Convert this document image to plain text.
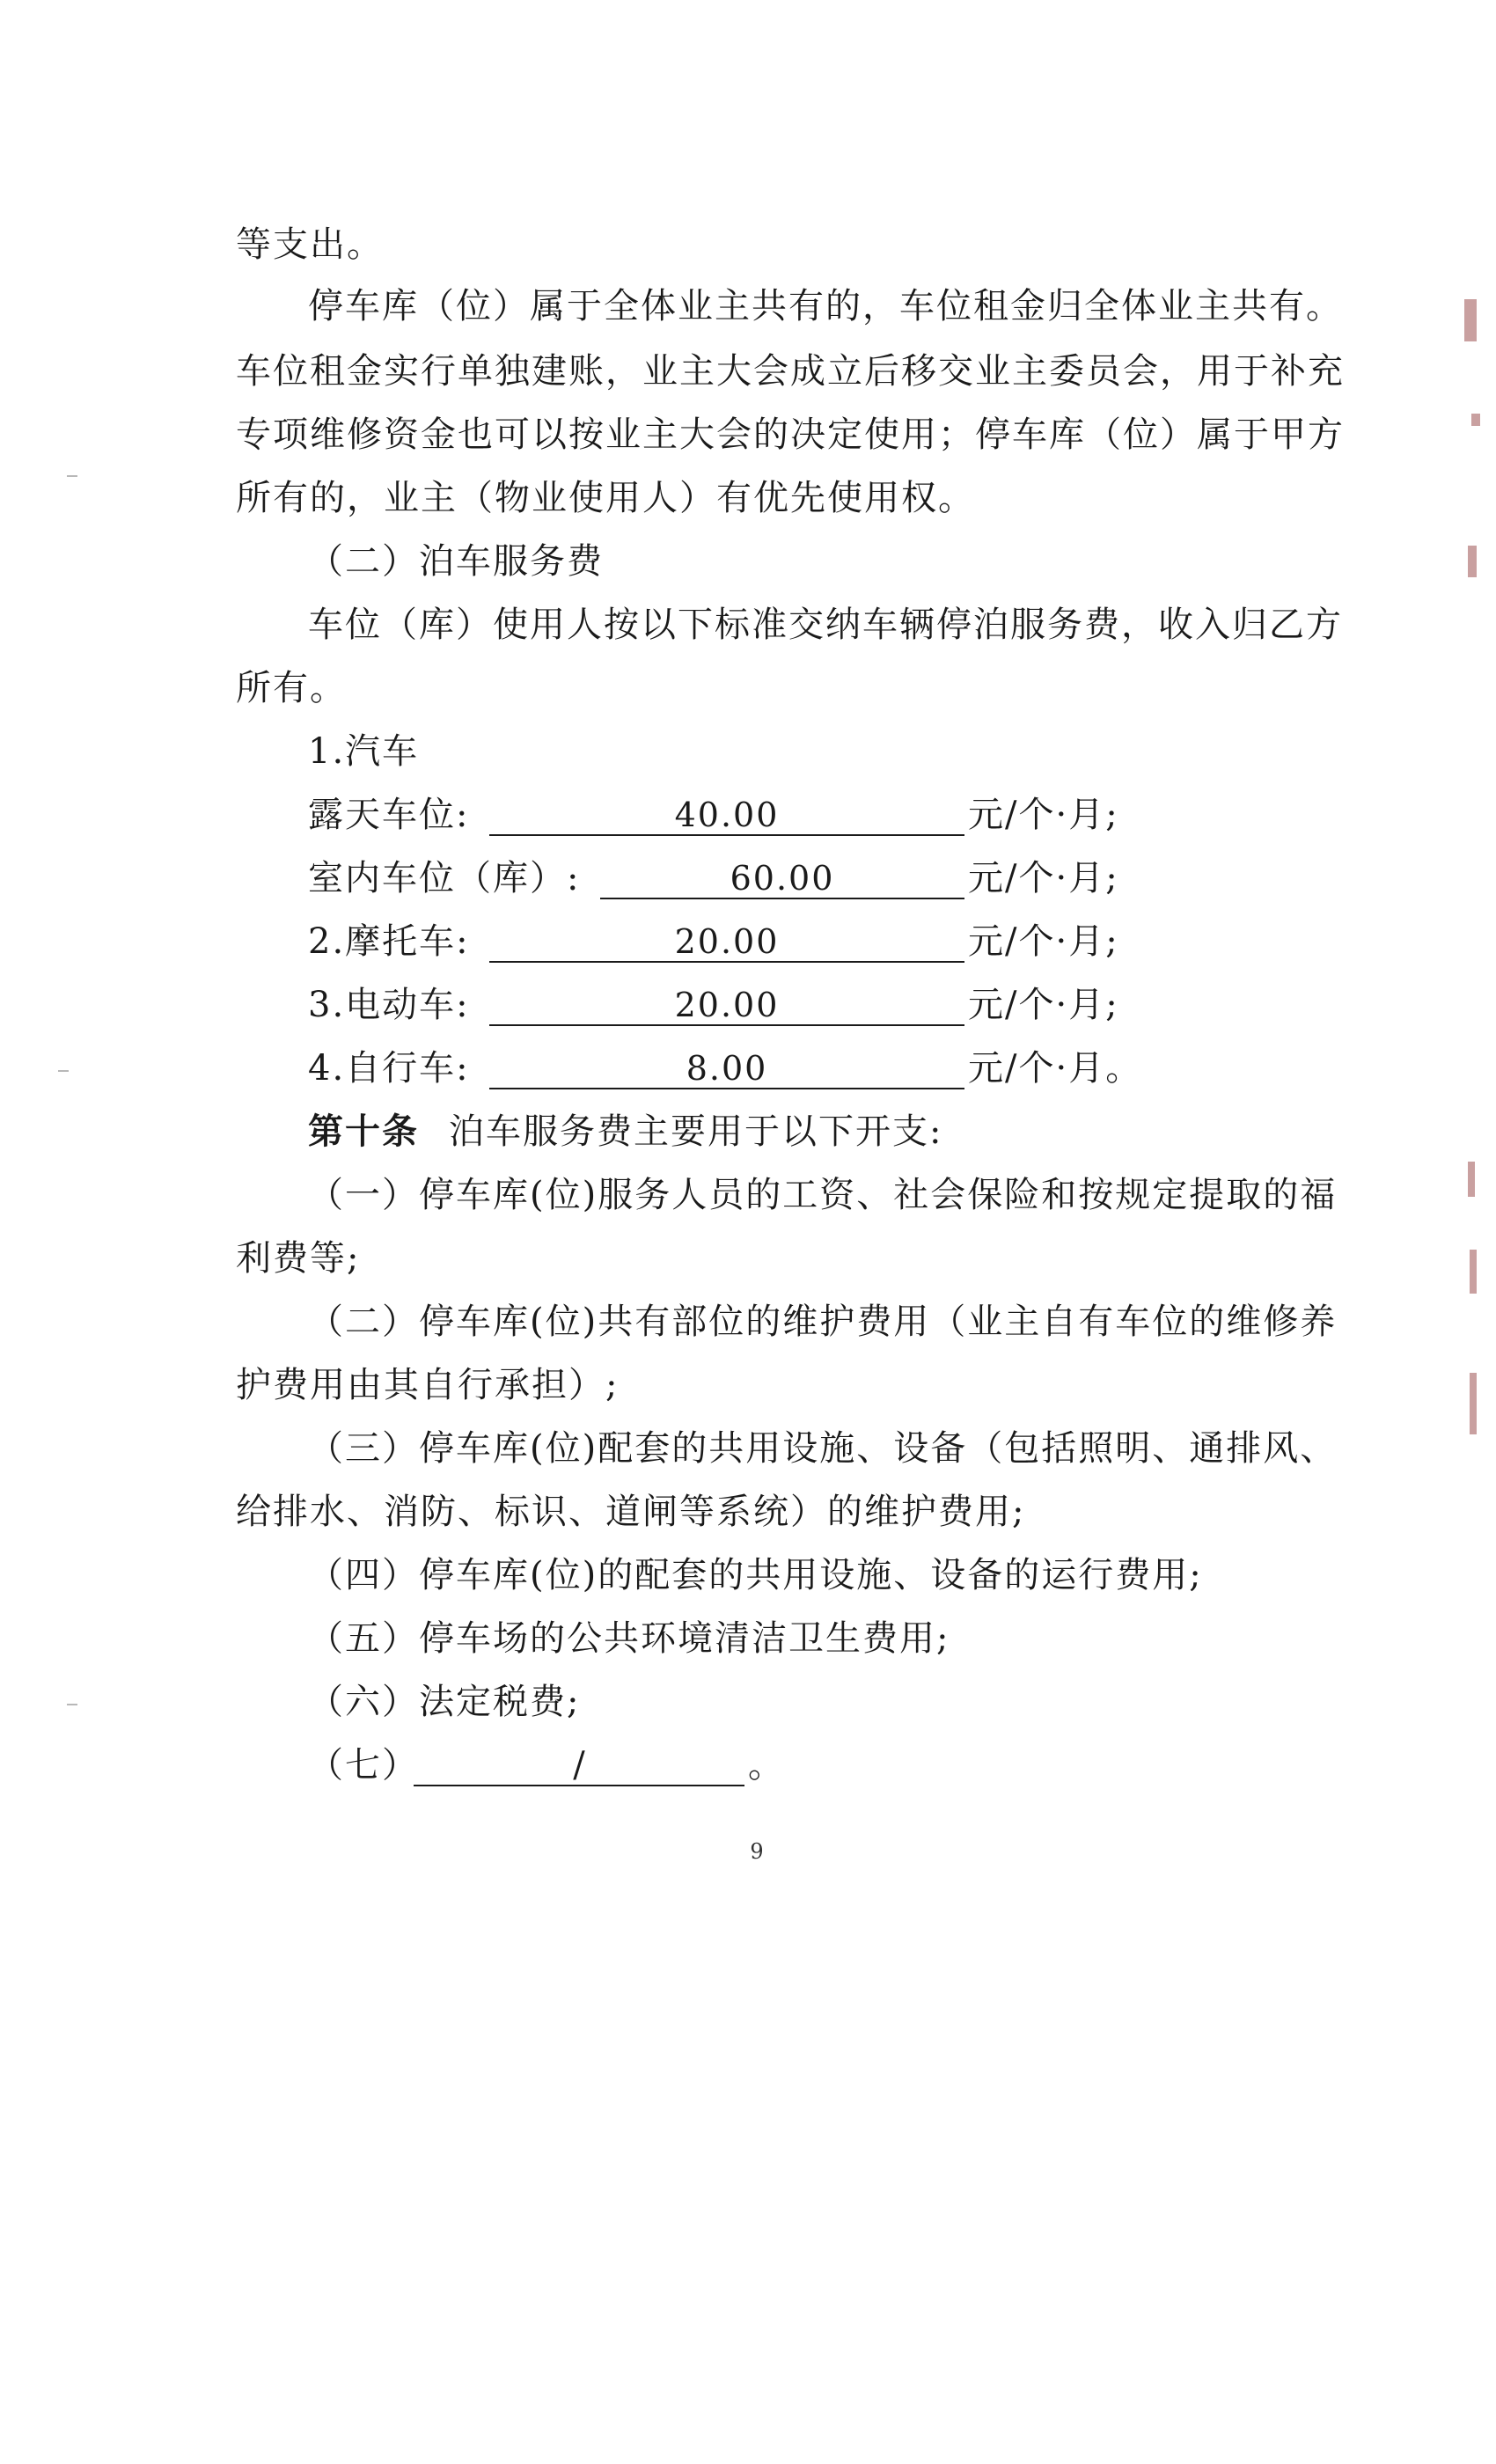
等支出。
停车库（位）属于全体业主共有的，车位租金归全体业主共有。
车位租金实行单独建账，业主大会成立后移交业主委员会，用于补充
专项维修资金也可以按业主大会的决定使用；停车库（位）属于甲方
所有的，业主（物业使用人）有优先使用权。
（二）泊车服务费
车位（库）使用人按以下标准交纳车辆停泊服务费，收入归乙方
所有。
1.汽车
露天车位:	40.00	元/个·月;
室内车位（库）:	60.00	元/个·月;
2.摩托车:	20.00	元/个·月;
3.电动车:	20.00	元/个·月;
4.自行车:	8.00	元/个·月。
第十条 泊车服务费主要用于以下开支:
（一）停车库(位)服务人员的工资、社会保险和按规定提取的福
利费等;
（二）停车库(位)共有部位的维护费用（业主自有车位的维修养
护费用由其自行承担）;
（三）停车库(位)配套的共用设施、设备（包括照明、通排风、
给排水、消防、标识、道闸等系统）的维护费用;
（四）停车库(位)的配套的共用设施、设备的运行费用;
（五）停车场的公共环境清洁卫生费用;
（六）法定税费;
（七）	/	。
9
